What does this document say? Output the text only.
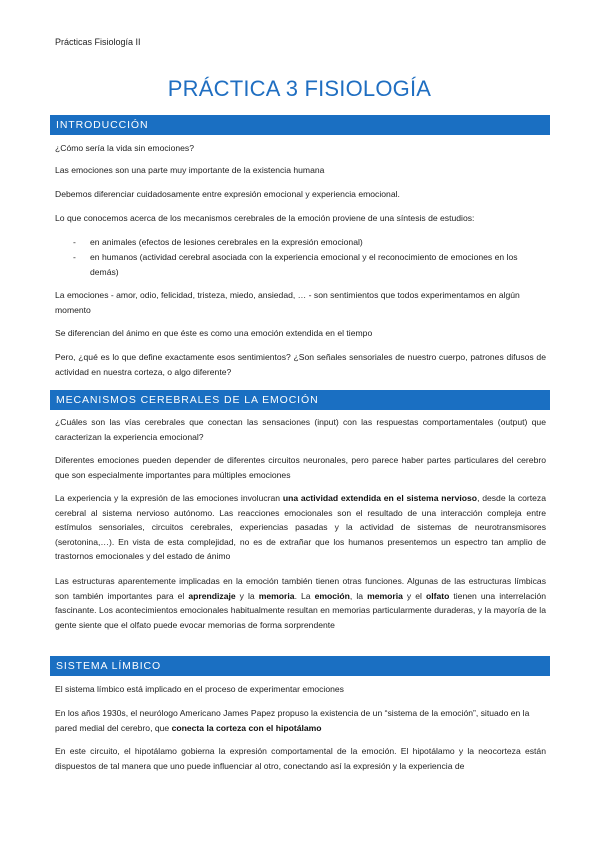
Prácticas Fisiología II
PRÁCTICA 3 FISIOLOGÍA
INTRODUCCIÓN

¿Cómo sería la vida sin emociones?

Las emociones son una parte muy importante de la existencia humana

Debemos diferenciar cuidadosamente entre expresión emocional y experiencia emocional.

Lo que conocemos acerca de los mecanismos cerebrales de la emoción proviene de una síntesis de estudios:

- en animales (efectos de lesiones cerebrales en la expresión emocional)
- en humanos (actividad cerebral asociada con la experiencia emocional y el reconocimiento de emociones en los demás)

La emociones - amor, odio, felicidad, tristeza, miedo, ansiedad, … - son sentimientos que todos experimentamos en algún momento

Se diferencian del ánimo en que éste es como una emoción extendida en el tiempo

Pero, ¿qué es lo que define exactamente esos sentimientos? ¿Son señales sensoriales de nuestro cuerpo, patrones difusos de actividad en nuestra corteza, o algo diferente?

MECANISMOS CEREBRALES DE LA EMOCIÓN

¿Cuáles son las vías cerebrales que conectan las sensaciones (input) con las respuestas comportamentales (output) que caracterizan la experiencia emocional?

Diferentes emociones pueden depender de diferentes circuitos neuronales, pero parece haber partes particulares del cerebro que son especialmente importantes para múltiples emociones

La experiencia y la expresión de las emociones involucran una actividad extendida en el sistema nervioso, desde la corteza cerebral al sistema nervioso autónomo. Las reacciones emocionales son el resultado de una interacción compleja entre estímulos sensoriales, circuitos cerebrales, experiencias pasadas y la actividad de sistemas de neurotransmisores (serotonina,…). En vista de esta complejidad, no es de extrañar que los humanos presentemos un espectro tan amplio de trastornos emocionales y del estado de ánimo

Las estructuras aparentemente implicadas en la emoción también tienen otras funciones. Algunas de las estructuras límbicas son también importantes para el aprendizaje y la memoria. La emoción, la memoria y el olfato tienen una interrelación fascinante. Los acontecimientos emocionales habitualmente resultan en memorias particularmente duraderas, y la mayoría de la gente siente que el olfato puede evocar memorias de forma sorprendente

SISTEMA LÍMBICO

El sistema límbico está implicado en el proceso de experimentar emociones

En los años 1930s, el neurólogo Americano James Papez propuso la existencia de un “sistema de la emoción”, situado en la pared medial del cerebro, que conecta la corteza con el hipotálamo

En este circuito, el hipotálamo gobierna la expresión comportamental de la emoción. El hipotálamo y la neocorteza están dispuestos de tal manera que uno puede influenciar al otro, conectando así la expresión y la experiencia de
